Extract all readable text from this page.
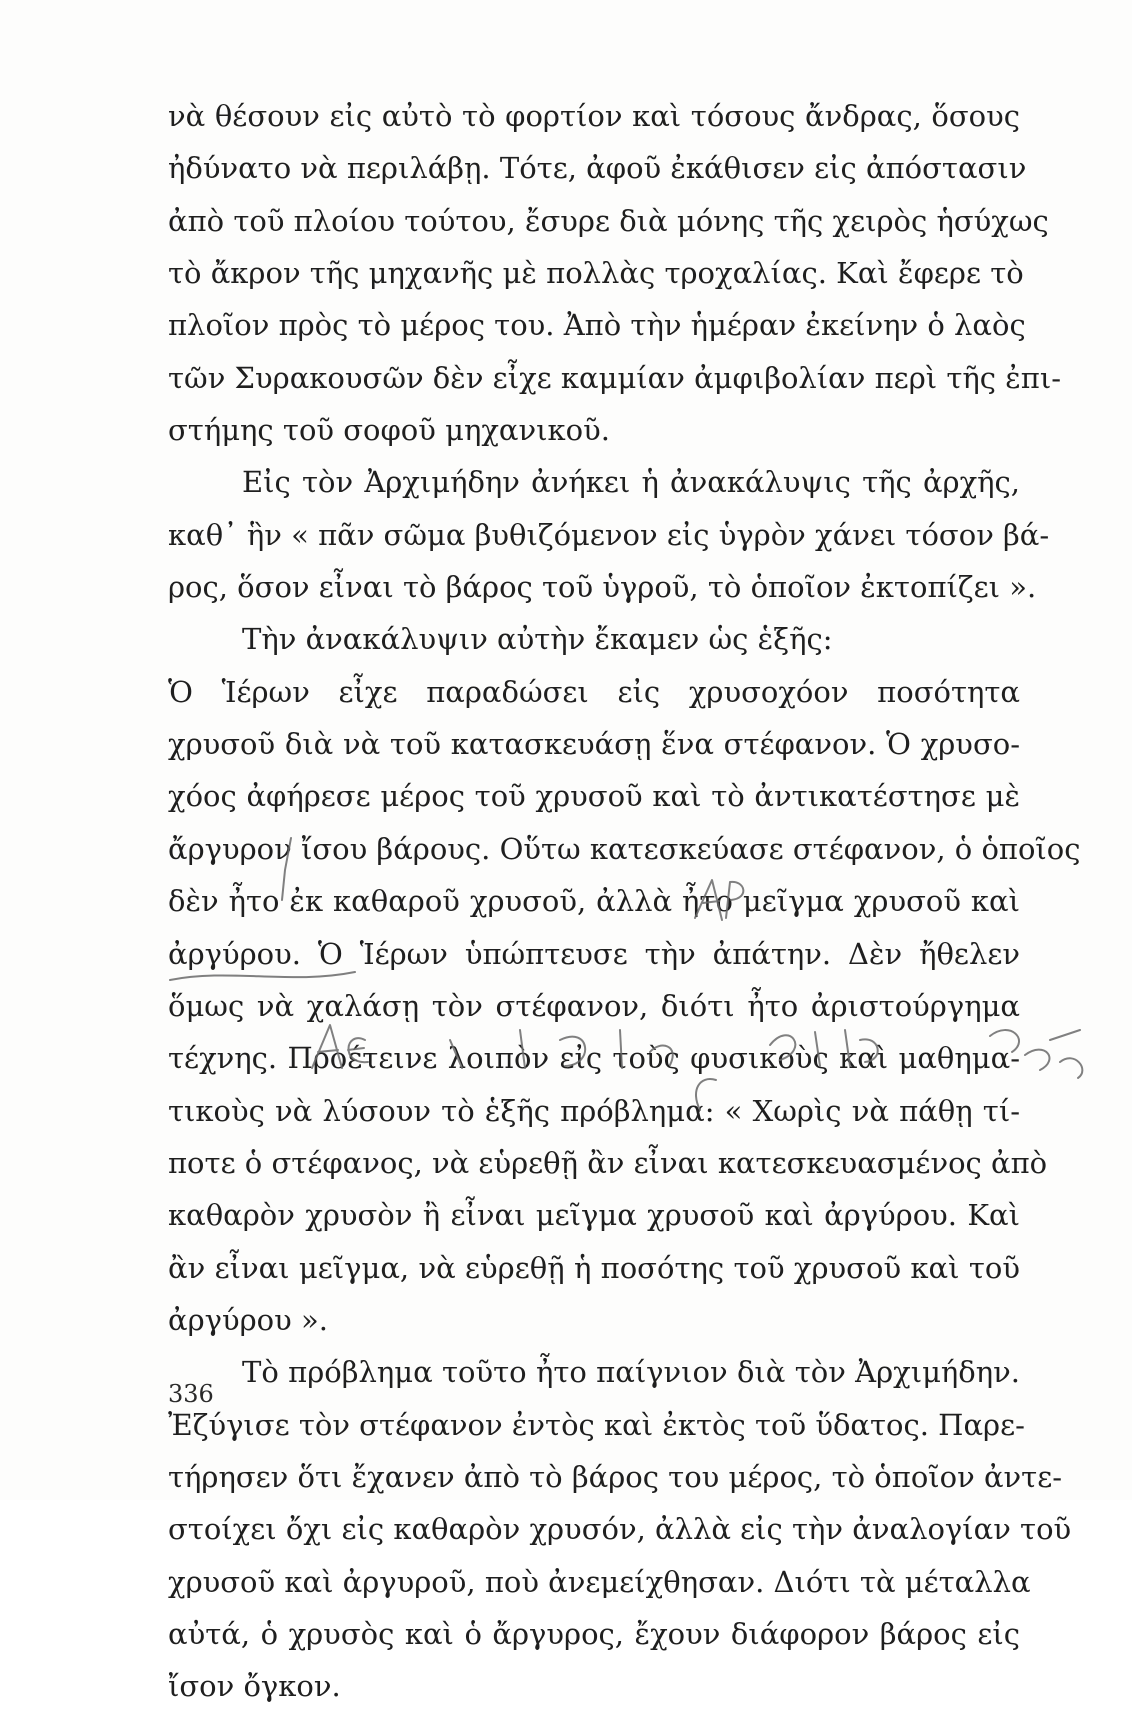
νὰ θέσουν εἰς αὐτὸ τὸ φορτίον καὶ τόσους ἄνδρας, ὅσους
ἠδύνατο νὰ περιλάβῃ. Τότε, ἀφοῦ ἐκάθισεν εἰς ἀπόστασιν
ἀπὸ τοῦ πλοίου τούτου, ἔσυρε διὰ μόνης τῆς χειρὸς ἡσύχως
τὸ ἄκρον τῆς μηχανῆς μὲ πολλὰς τροχαλίας. Καὶ ἔφερε τὸ
πλοῖον πρὸς τὸ μέρος του. Ἀπὸ τὴν ἡμέραν ἐκείνην ὁ λαὸς
τῶν Συρακουσῶν δὲν εἶχε καμμίαν ἀμφιβολίαν περὶ τῆς ἐπι-
στήμης τοῦ σοφοῦ μηχανικοῦ.
Εἰς τὸν Ἀρχιμήδην ἀνήκει ἡ ἀνακάλυψις τῆς ἀρχῆς,
καθ᾿ ἣν « πᾶν σῶμα βυθιζόμενον εἰς ὑγρὸν χάνει τόσον βά-
ρος, ὅσον εἶναι τὸ βάρος τοῦ ὑγροῦ, τὸ ὁποῖον ἐκτοπίζει ».
Τὴν ἀνακάλυψιν αὐτὴν ἔκαμεν ὡς ἑξῆς:
Ὁ Ἱέρων εἶχε παραδώσει εἰς χρυσοχόον ποσότητα
χρυσοῦ διὰ νὰ τοῦ κατασκευάσῃ ἕνα στέφανον. Ὁ χρυσο-
χόος ἀφήρεσε μέρος τοῦ χρυσοῦ καὶ τὸ ἀντικατέστησε μὲ
ἄργυρον ἴσου βάρους. Οὕτω κατεσκεύασε στέφανον, ὁ ὁποῖος
δὲν ἦτο ἐκ καθαροῦ χρυσοῦ, ἀλλὰ ἦτο μεῖγμα χρυσοῦ καὶ
ἀργύρου. Ὁ Ἱέρων ὑπώπτευσε τὴν ἀπάτην. Δὲν ἤθελεν
ὅμως νὰ χαλάσῃ τὸν στέφανον, διότι ἦτο ἀριστούργημα
τέχνης. Προέτεινε λοιπὸν εἰς τοὺς φυσικοὺς καὶ μαθημα-
τικοὺς νὰ λύσουν τὸ ἑξῆς πρόβλημα: « Χωρὶς νὰ πάθῃ τί-
ποτε ὁ στέφανος, νὰ εὑρεθῇ ἂν εἶναι κατεσκευασμένος ἀπὸ
καθαρὸν χρυσὸν ἢ εἶναι μεῖγμα χρυσοῦ καὶ ἀργύρου. Καὶ
ἂν εἶναι μεῖγμα, νὰ εὑρεθῇ ἡ ποσότης τοῦ χρυσοῦ καὶ τοῦ
ἀργύρου ».
Τὸ πρόβλημα τοῦτο ἦτο παίγνιον διὰ τὸν Ἀρχιμήδην.
Ἐζύγισε τὸν στέφανον ἐντὸς καὶ ἐκτὸς τοῦ ὕδατος. Παρε-
τήρησεν ὅτι ἔχανεν ἀπὸ τὸ βάρος του μέρος, τὸ ὁποῖον ἀντε-
στοίχει ὄχι εἰς καθαρὸν χρυσόν, ἀλλὰ εἰς τὴν ἀναλογίαν τοῦ
χρυσοῦ καὶ ἀργυροῦ, ποὺ ἀνεμείχθησαν. Διότι τὰ μέταλλα
αὐτά, ὁ χρυσὸς καὶ ὁ ἄργυρος, ἔχουν διάφορον βάρος εἰς
ἴσον ὄγκον.
336
